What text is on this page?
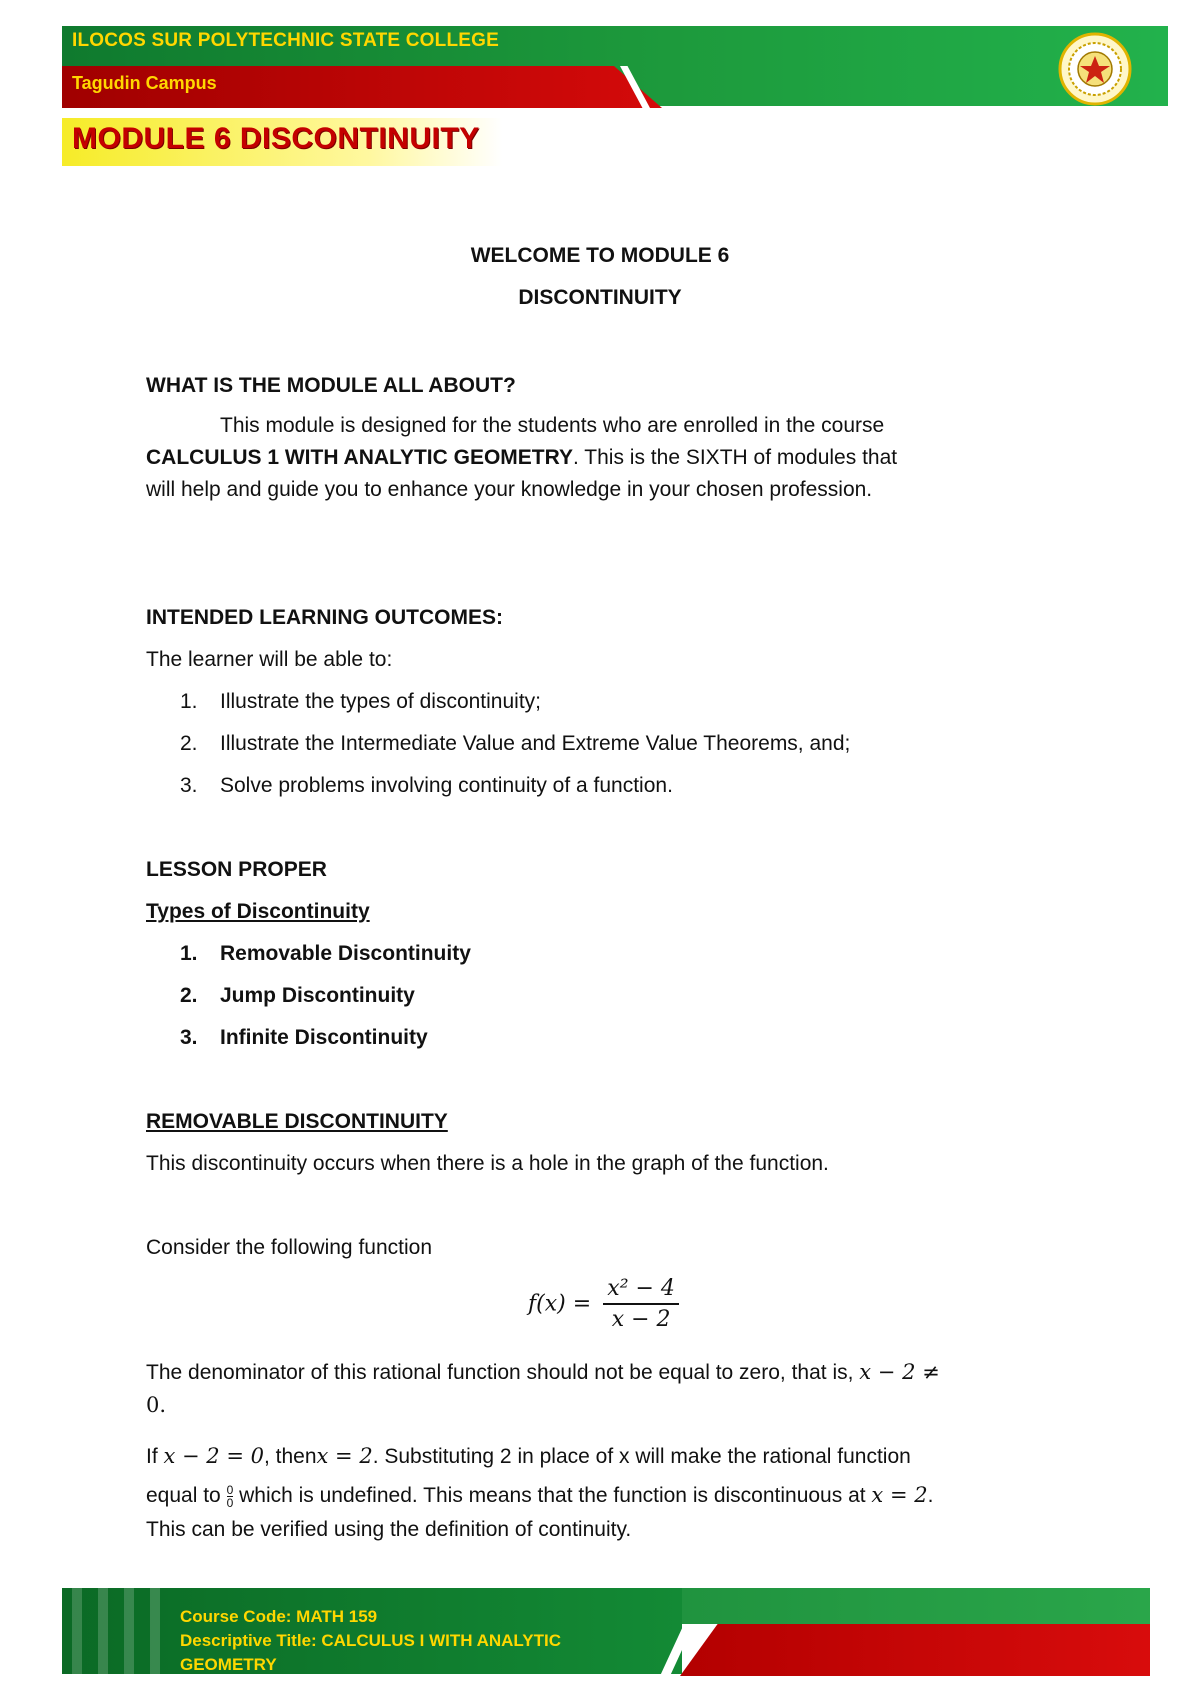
ILOCOS SUR POLYTECHNIC STATE COLLEGE
Tagudin Campus
MODULE 6 DISCONTINUITY
WELCOME TO MODULE 6
DISCONTINUITY
WHAT IS THE MODULE ALL ABOUT?
This module is designed for the students who are enrolled in the course
CALCULUS 1 WITH ANALYTIC GEOMETRY. This is the SIXTH of modules that
will help and guide you to enhance your knowledge in your chosen profession.
INTENDED LEARNING OUTCOMES:
The learner will be able to:
1. Illustrate the types of discontinuity;
2. Illustrate the Intermediate Value and Extreme Value Theorems, and;
3. Solve problems involving continuity of a function.
LESSON PROPER
Types of Discontinuity
1. Removable Discontinuity
2. Jump Discontinuity
3. Infinite Discontinuity
REMOVABLE DISCONTINUITY
This discontinuity occurs when there is a hole in the graph of the function.
Consider the following function
$f(x) = \frac{\text{x² − 4}}{x - 2}$
The denominator of this rational function should not be equal to zero, that is, x − 2 ≠
0.
If x − 2 = 0, thenx = 2. Substituting 2 in place of x will make the rational function
equal to $\frac{0}{0}$ which is undefined. This means that the function is discontinuous at x = 2.
This can be verified using the definition of continuity.
Course Code: MATH 159
Descriptive Title: CALCULUS I WITH ANALYTIC
GEOMETRY
